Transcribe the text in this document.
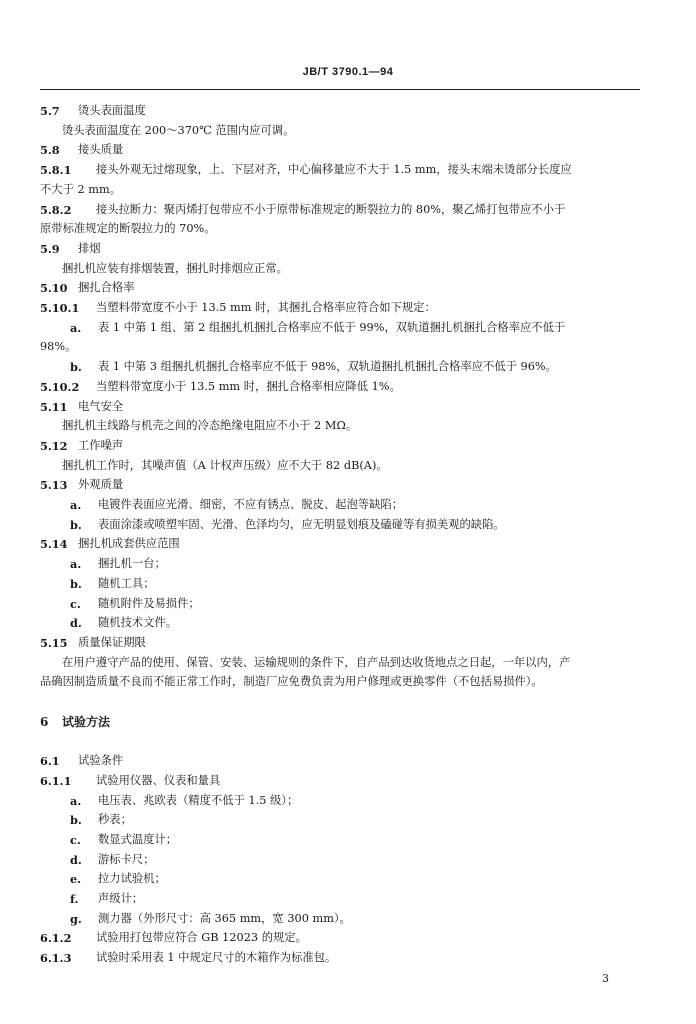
JB/T 3790.1—94
5.7 烫头表面温度
烫头表面温度在 200～370℃ 范围内应可调。
5.8 接头质量
5.8.1 接头外观无过熔现象，上、下层对齐，中心偏移量应不大于 1.5 mm，接头末端未烫部分长度应
不大于 2 mm。
5.8.2 接头拉断力：聚丙烯打包带应不小于原带标准规定的断裂拉力的 80%，聚乙烯打包带应不小于
原带标准规定的断裂拉力的 70%。
5.9 排烟
捆扎机应装有排烟装置，捆扎时排烟应正常。
5.10 捆扎合格率
5.10.1 当塑料带宽度不小于 13.5 mm 时，其捆扎合格率应符合如下规定：
a. 表 1 中第 1 组、第 2 组捆扎机捆扎合格率应不低于 99%，双轨道捆扎机捆扎合格率应不低于
98%。
b. 表 1 中第 3 组捆扎机捆扎合格率应不低于 98%，双轨道捆扎机捆扎合格率应不低于 96%。
5.10.2 当塑料带宽度小于 13.5 mm 时，捆扎合格率相应降低 1%。
5.11 电气安全
捆扎机主线路与机壳之间的冷态绝缘电阻应不小于 2 MΩ。
5.12 工作噪声
捆扎机工作时，其噪声值（A 计权声压级）应不大于 82 dB(A)。
5.13 外观质量
a. 电镀件表面应光滑、细密，不应有锈点、脱皮、起泡等缺陷；
b. 表面涂漆或喷塑牢固、光滑、色泽均匀，应无明显划痕及磕碰等有损美观的缺陷。
5.14 捆扎机成套供应范围
a. 捆扎机一台；
b. 随机工具；
c. 随机附件及易损件；
d. 随机技术文件。
5.15 质量保证期限
在用户遵守产品的使用、保管、安装、运输规则的条件下，自产品到达收货地点之日起，一年以内，产
品确因制造质量不良而不能正常工作时，制造厂应免费负责为用户修理或更换零件（不包括易损件）。
6 试验方法
6.1 试验条件
6.1.1 试验用仪器、仪表和量具
a. 电压表、兆欧表（精度不低于 1.5 级）；
b. 秒表；
c. 数显式温度计；
d. 游标卡尺；
e. 拉力试验机；
f. 声级计；
g. 测力器（外形尺寸：高 365 mm，宽 300 mm）。
6.1.2 试验用打包带应符合 GB 12023 的规定。
6.1.3 试验时采用表 1 中规定尺寸的木箱作为标准包。
3
